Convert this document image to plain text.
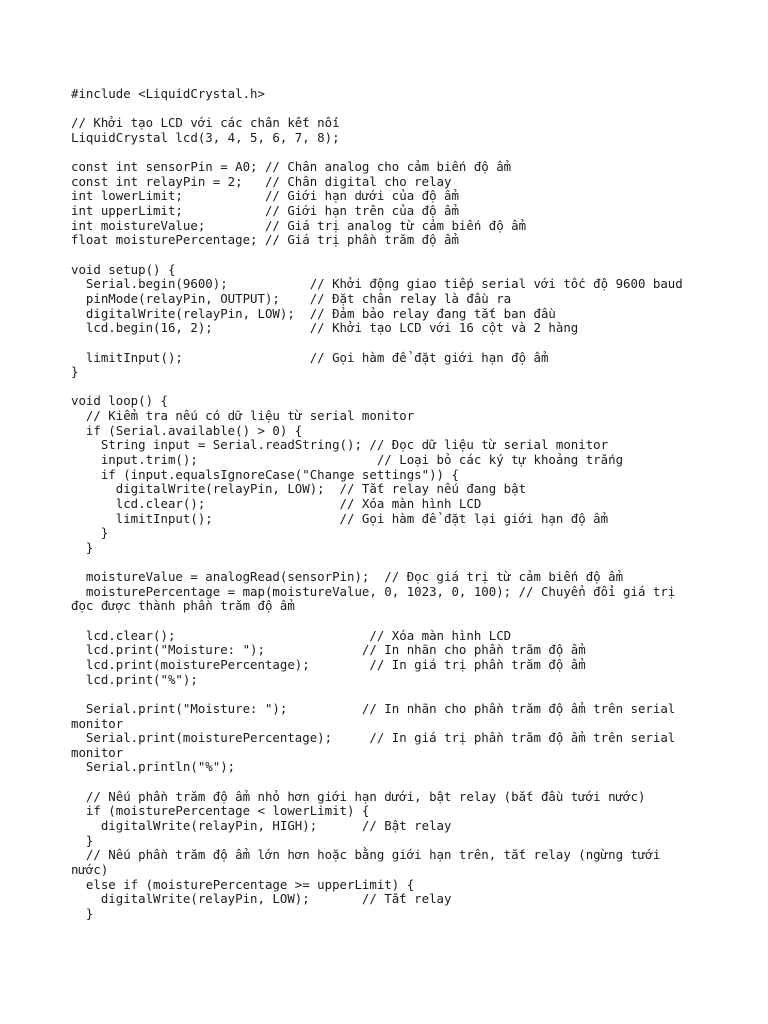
#include <LiquidCrystal.h>
// Khởi tạo LCD với các chân kết nối
LiquidCrystal lcd(3, 4, 5, 6, 7, 8);
const int sensorPin = A0; // Chân analog cho cảm biến độ ẩm
const int relayPin = 2;   // Chân digital cho relay
int lowerLimit;           // Giới hạn dưới của độ ẩm
int upperLimit;           // Giới hạn trên của độ ẩm
int moistureValue;        // Giá trị analog từ cảm biến độ ẩm
float moisturePercentage; // Giá trị phần trăm độ ẩm
void setup() {
Serial.begin(9600);           // Khởi động giao tiếp serial với tốc độ 9600 baud
pinMode(relayPin, OUTPUT);    // Đặt chân relay là đầu ra
digitalWrite(relayPin, LOW);  // Đảm bảo relay đang tắt ban đầu
lcd.begin(16, 2);             // Khởi tạo LCD với 16 cột và 2 hàng
limitInput();                 // Gọi hàm để đặt giới hạn độ ẩm
}
void loop() {
// Kiểm tra nếu có dữ liệu từ serial monitor
if (Serial.available() > 0) {
String input = Serial.readString(); // Đọc dữ liệu từ serial monitor
input.trim();                        // Loại bỏ các ký tự khoảng trắng
if (input.equalsIgnoreCase("Change settings")) {
digitalWrite(relayPin, LOW);  // Tắt relay nếu đang bật
lcd.clear();                  // Xóa màn hình LCD
limitInput();                 // Gọi hàm để đặt lại giới hạn độ ẩm
}
}
moistureValue = analogRead(sensorPin);  // Đọc giá trị từ cảm biến độ ẩm
moisturePercentage = map(moistureValue, 0, 1023, 0, 100); // Chuyển đổi giá trị
đọc được thành phần trăm độ ẩm
lcd.clear();                          // Xóa màn hình LCD
lcd.print("Moisture: ");             // In nhãn cho phần trăm độ ẩm
lcd.print(moisturePercentage);        // In giá trị phần trăm độ ẩm
lcd.print("%");
Serial.print("Moisture: ");          // In nhãn cho phần trăm độ ẩm trên serial
monitor
Serial.print(moisturePercentage);     // In giá trị phần trăm độ ẩm trên serial
monitor
Serial.println("%");
// Nếu phần trăm độ ẩm nhỏ hơn giới hạn dưới, bật relay (bắt đầu tưới nước)
if (moisturePercentage < lowerLimit) {
digitalWrite(relayPin, HIGH);      // Bật relay
}
// Nếu phần trăm độ ẩm lớn hơn hoặc bằng giới hạn trên, tắt relay (ngừng tưới
nước)
else if (moisturePercentage >= upperLimit) {
digitalWrite(relayPin, LOW);       // Tắt relay
}
